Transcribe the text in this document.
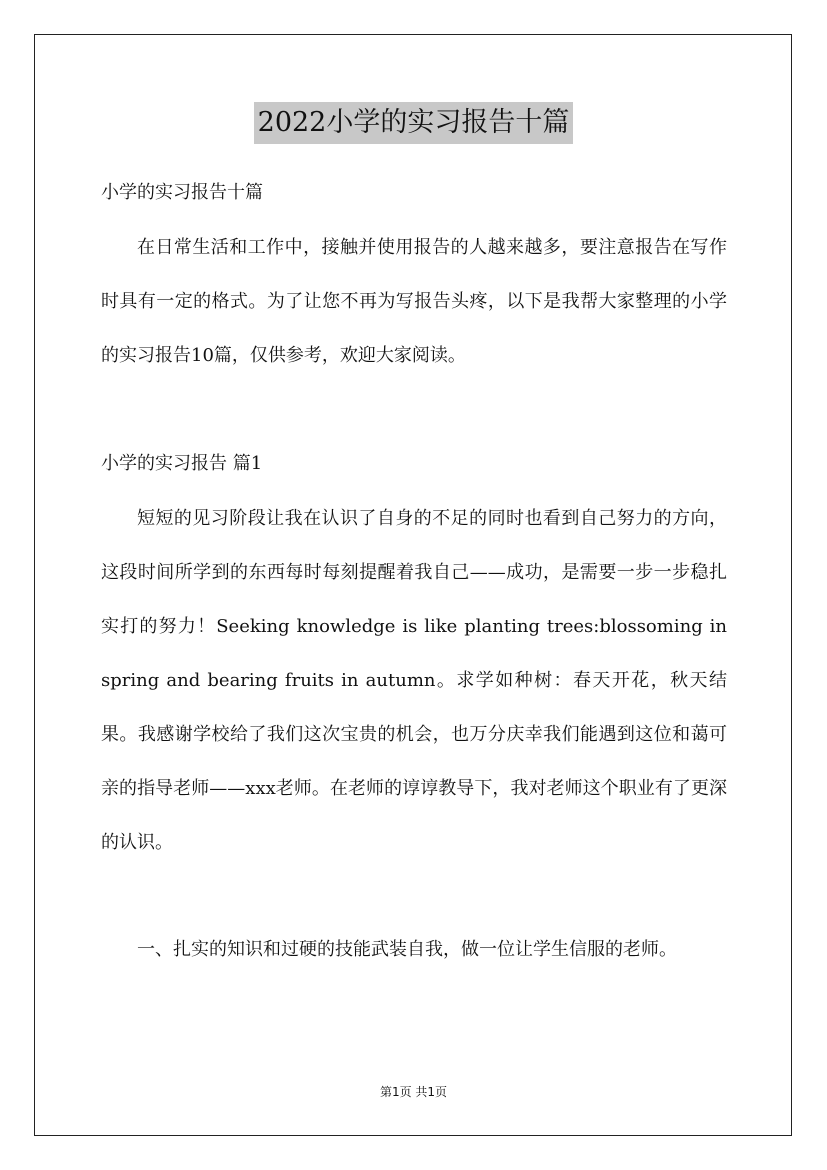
2022小学的实习报告十篇

小学的实习报告十篇

在日常生活和工作中，接触并使用报告的人越来越多，要注意报告在写作时具有一定的格式。为了让您不再为写报告头疼，以下是我帮大家整理的小学的实习报告10篇，仅供参考，欢迎大家阅读。

小学的实习报告 篇1

短短的见习阶段让我在认识了自身的不足的同时也看到自己努力的方向，这段时间所学到的东西每时每刻提醒着我自己——成功，是需要一步一步稳扎实打的努力！Seeking knowledge is like planting trees:blossoming in spring and bearing fruits in autumn。求学如种树：春天开花，秋天结果。我感谢学校给了我们这次宝贵的机会，也万分庆幸我们能遇到这位和蔼可亲的指导老师——xxx老师。在老师的谆谆教导下，我对老师这个职业有了更深的认识。

一、扎实的知识和过硬的技能武装自我，做一位让学生信服的老师。

第1页 共1页
